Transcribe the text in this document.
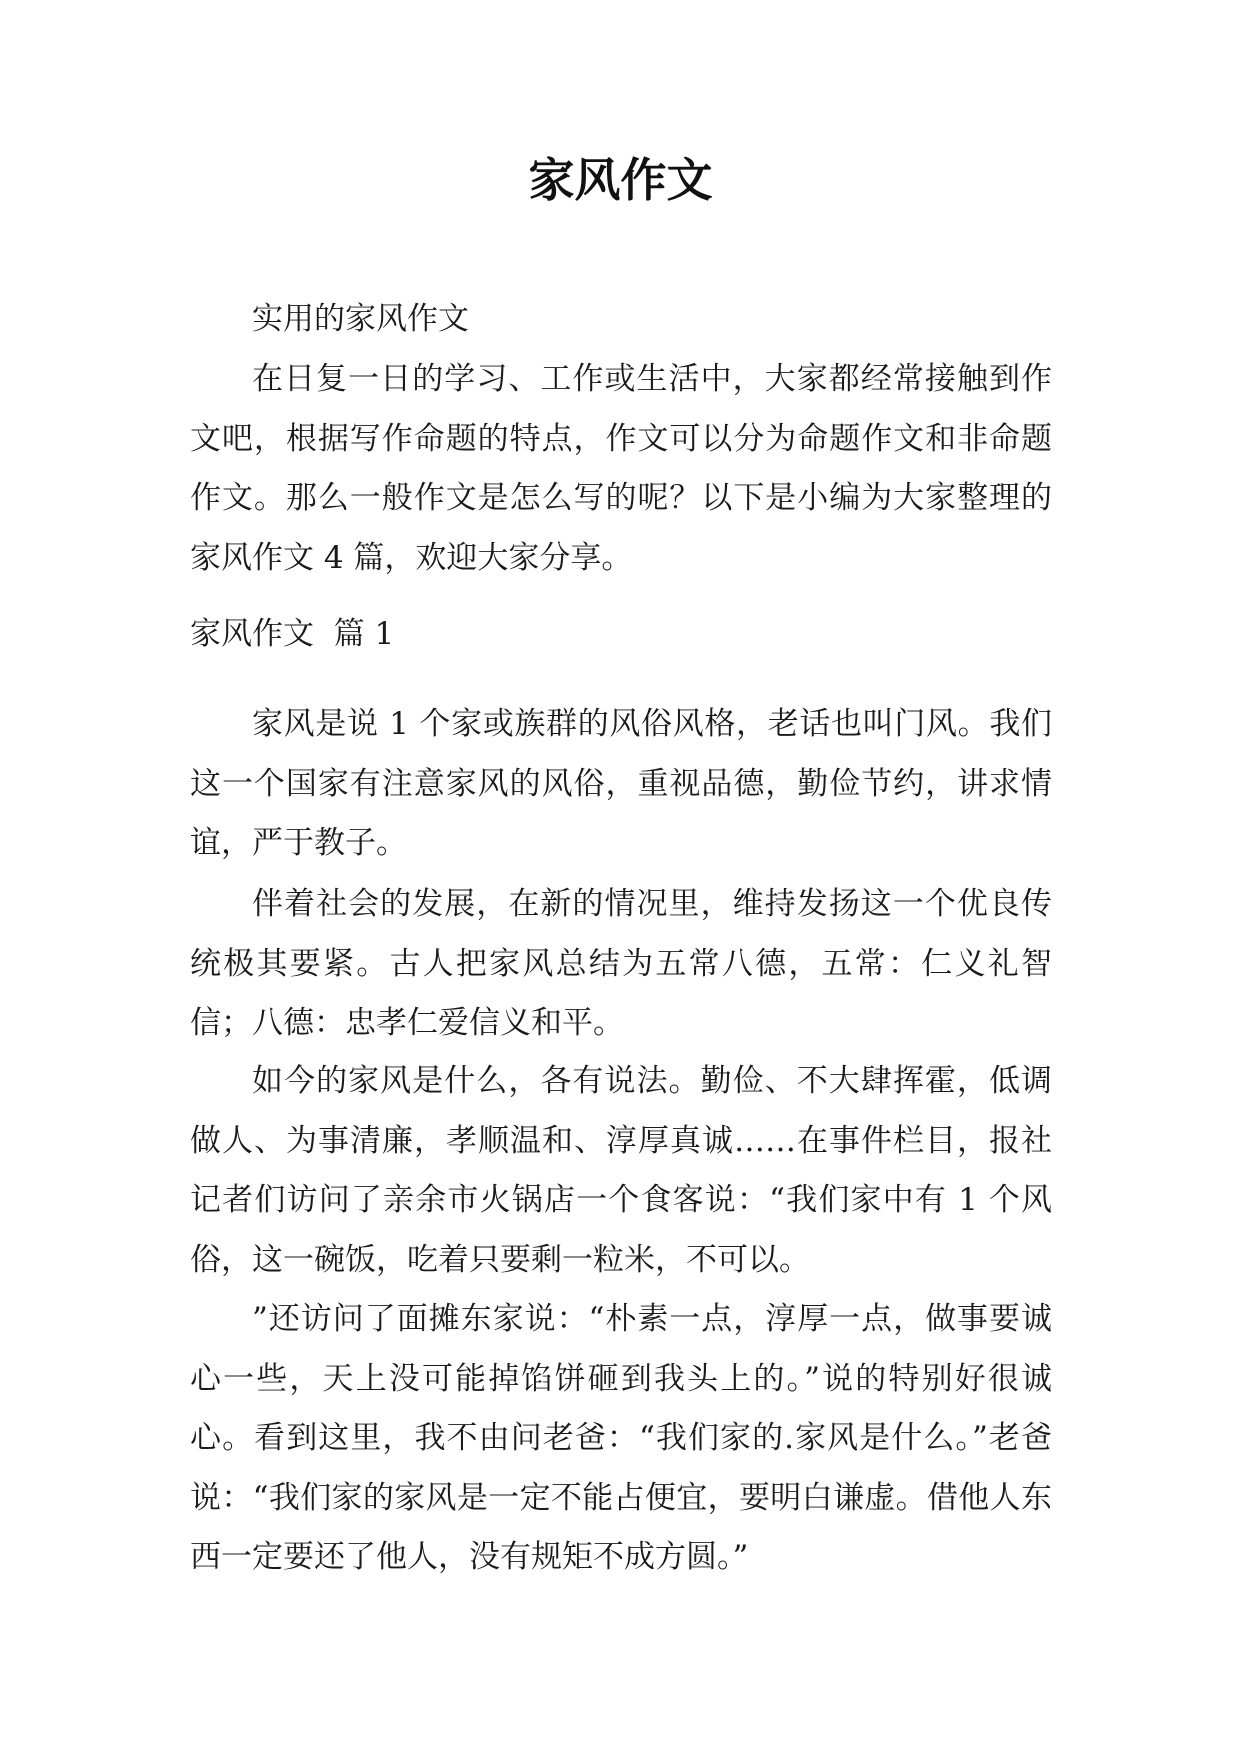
家风作文

实用的家风作文

在日复一日的学习、工作或生活中，大家都经常接触到作文吧，根据写作命题的特点，作文可以分为命题作文和非命题作文。那么一般作文是怎么写的呢？以下是小编为大家整理的家风作文 4 篇，欢迎大家分享。

家风作文  篇 1

家风是说 1 个家或族群的风俗风格，老话也叫门风。我们这一个国家有注意家风的风俗，重视品德，勤俭节约，讲求情谊，严于教子。

伴着社会的发展，在新的情况里，维持发扬这一个优良传统极其要紧。古人把家风总结为五常八德，五常：仁义礼智信；八德：忠孝仁爱信义和平。

如今的家风是什么，各有说法。勤俭、不大肆挥霍，低调做人、为事清廉，孝顺温和、淳厚真诚……在事件栏目，报社记者们访问了亲余市火锅店一个食客说：“我们家中有 1 个风俗，这一碗饭，吃着只要剩一粒米，不可以。

”还访问了面摊东家说：“朴素一点，淳厚一点，做事要诚心一些，天上没可能掉馅饼砸到我头上的。”说的特别好很诚心。看到这里，我不由问老爸：“我们家的.家风是什么。”老爸说：“我们家的家风是一定不能占便宜，要明白谦虚。借他人东西一定要还了他人，没有规矩不成方圆。”
